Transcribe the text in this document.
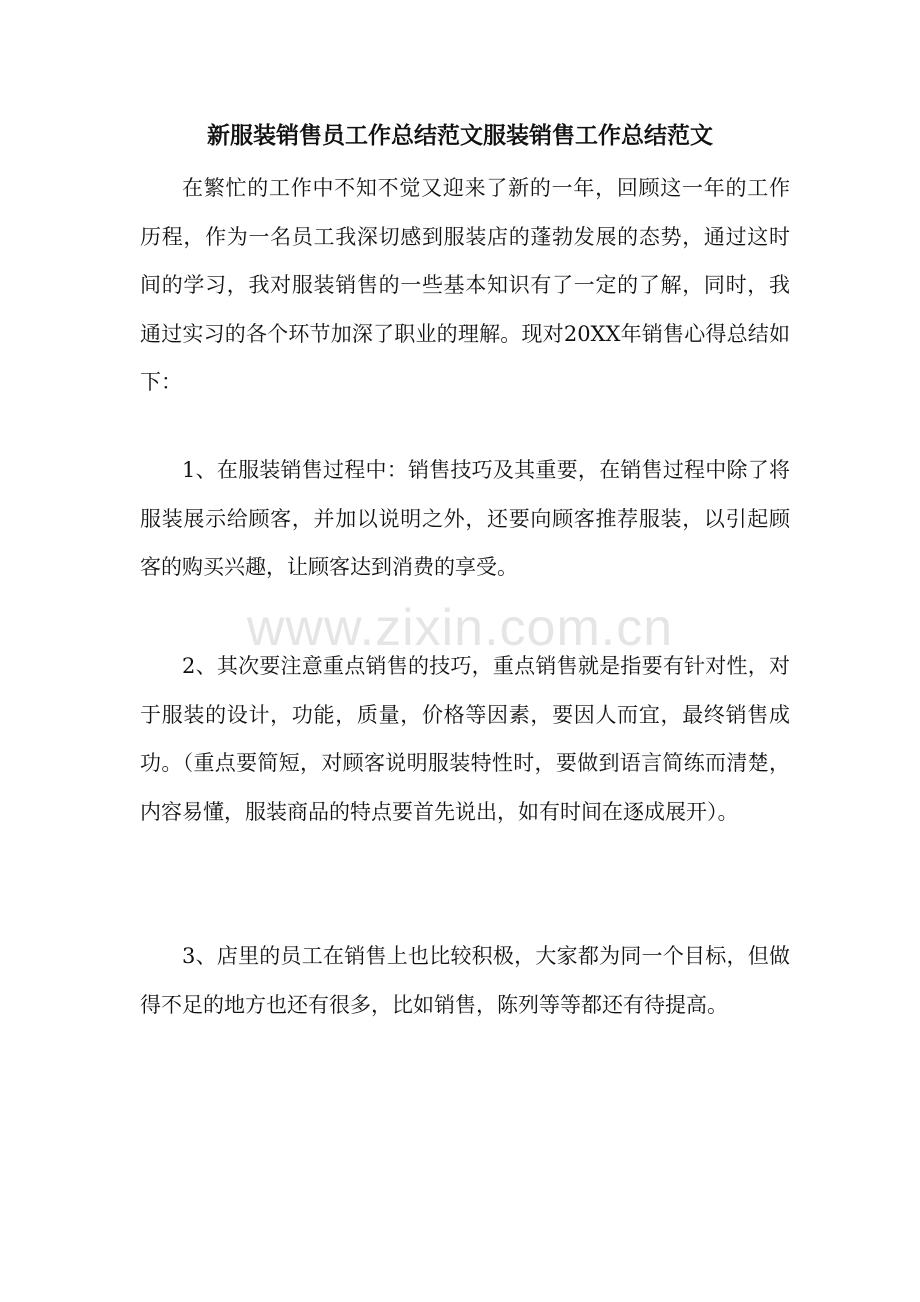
新服装销售员工作总结范文服装销售工作总结范文

在繁忙的工作中不知不觉又迎来了新的一年，回顾这一年的工作历程，作为一名员工我深切感到服装店的蓬勃发展的态势，通过这时间的学习，我对服装销售的一些基本知识有了一定的了解，同时，我通过实习的各个环节加深了职业的理解。现对20XX年销售心得总结如下：

1、在服装销售过程中：销售技巧及其重要，在销售过程中除了将服装展示给顾客，并加以说明之外，还要向顾客推荐服装，以引起顾客的购买兴趣，让顾客达到消费的享受。

2、其次要注意重点销售的技巧，重点销售就是指要有针对性，对于服装的设计，功能，质量，价格等因素，要因人而宜，最终销售成功。（重点要简短，对顾客说明服装特性时，要做到语言简练而清楚，内容易懂，服装商品的特点要首先说出，如有时间在逐成展开）。

3、店里的员工在销售上也比较积极，大家都为同一个目标，但做得不足的地方也还有很多，比如销售，陈列等等都还有待提高。

www.zixin.com.cn
